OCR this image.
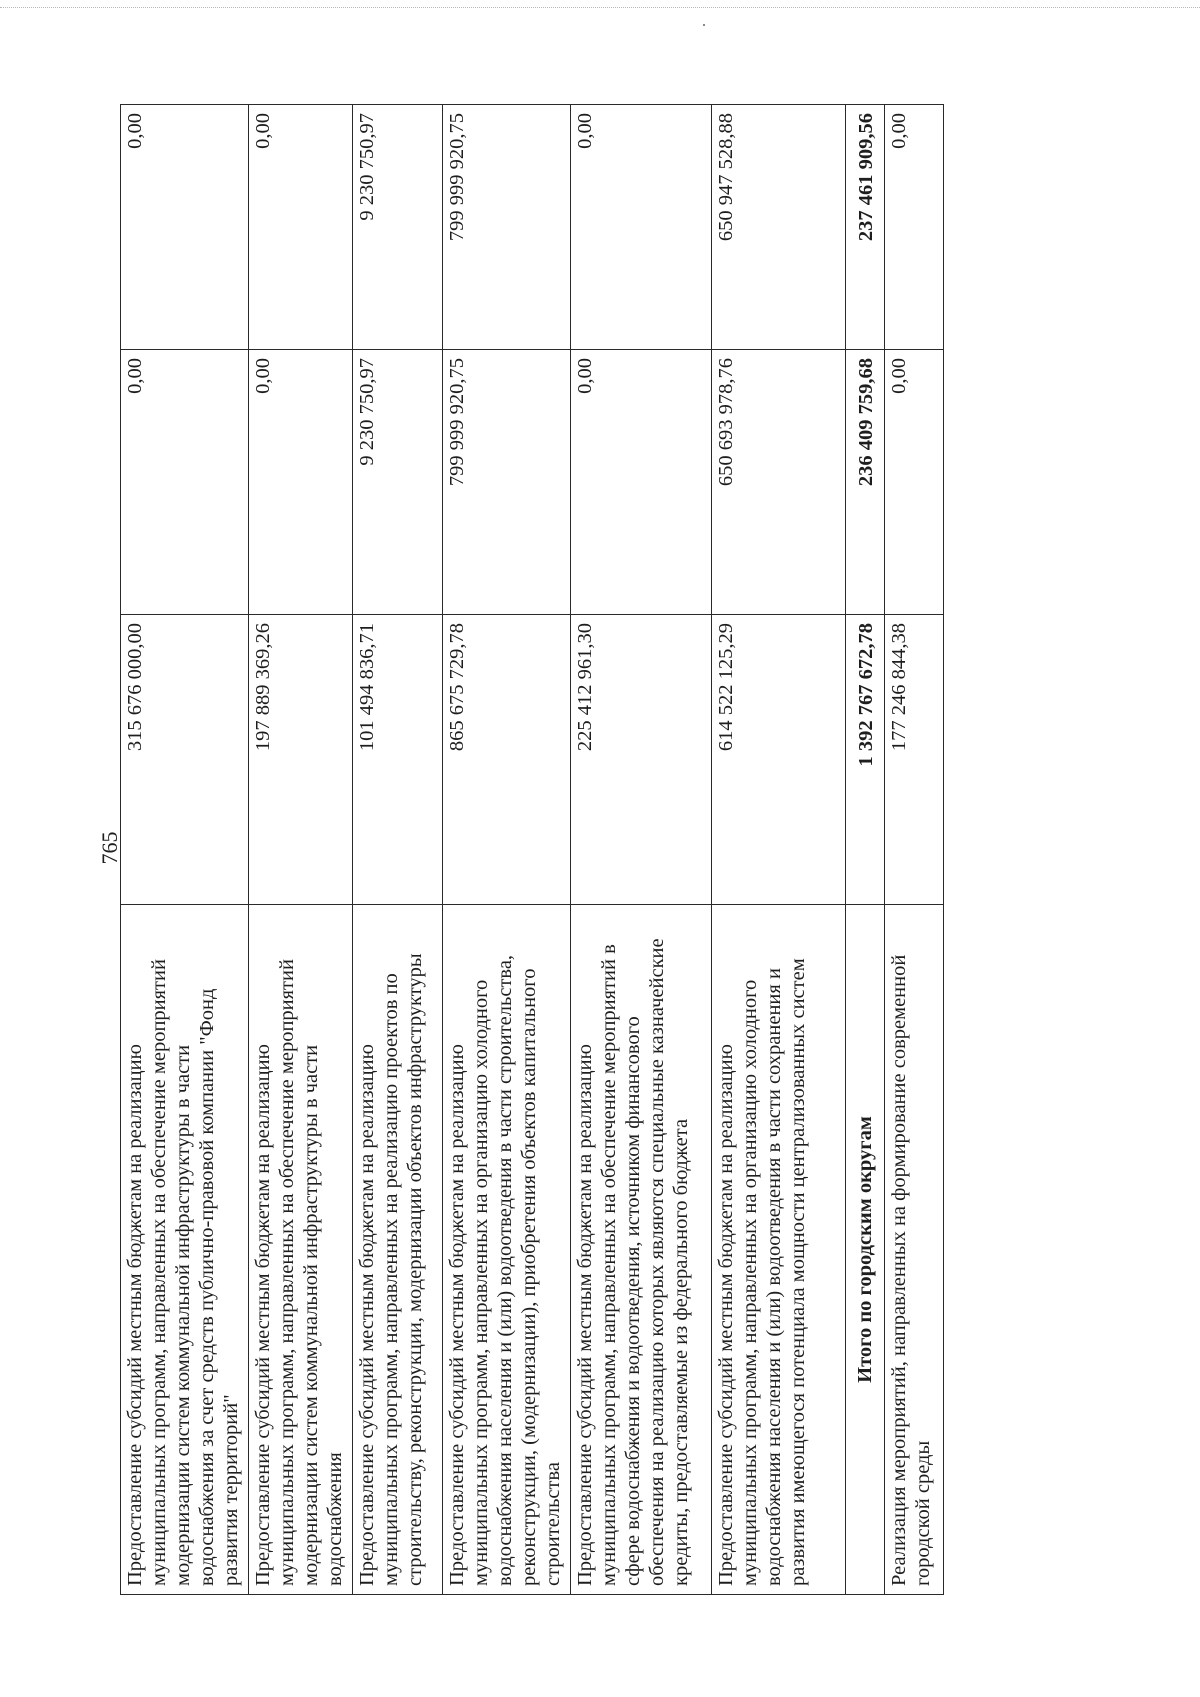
765
Предоставление субсидий местным бюджетам на реализацию муниципальных программ, направленных на обеспечение мероприятий модернизации систем коммунальной инфраструктуры в части водоснабжения за счет средств публично-правовой компании "Фонд развития территорий"	315 676 000,00	0,00	0,00
Предоставление субсидий местным бюджетам на реализацию муниципальных программ, направленных на обеспечение мероприятий модернизации систем коммунальной инфраструктуры в части водоснабжения	197 889 369,26	0,00	0,00
Предоставление субсидий местным бюджетам на реализацию муниципальных программ, направленных на реализацию проектов по строительству, реконструкции, модернизации объектов инфраструктуры	101 494 836,71	9 230 750,97	9 230 750,97
Предоставление субсидий местным бюджетам на реализацию муниципальных программ, направленных на организацию холодного водоснабжения населения и (или) водоотведения в части строительства, реконструкции, (модернизации), приобретения объектов капитального строительства	865 675 729,78	799 999 920,75	799 999 920,75
Предоставление субсидий местным бюджетам на реализацию муниципальных программ, направленных на обеспечение мероприятий в сфере водоснабжения и водоотведения, источником финансового обеспечения на реализацию которых являются специальные казначейские кредиты, предоставляемые из федерального бюджета	225 412 961,30	0,00	0,00
Предоставление субсидий местным бюджетам на реализацию муниципальных программ, направленных на организацию холодного водоснабжения населения и (или) водоотведения в части сохранения и развития имеющегося потенциала мощности централизованных систем	614 522 125,29	650 693 978,76	650 947 528,88
Итого по городским округам	1 392 767 672,78	236 409 759,68	237 461 909,56
Реализация мероприятий, направленных на формирование современной городской среды	177 246 844,38	0,00	0,00
